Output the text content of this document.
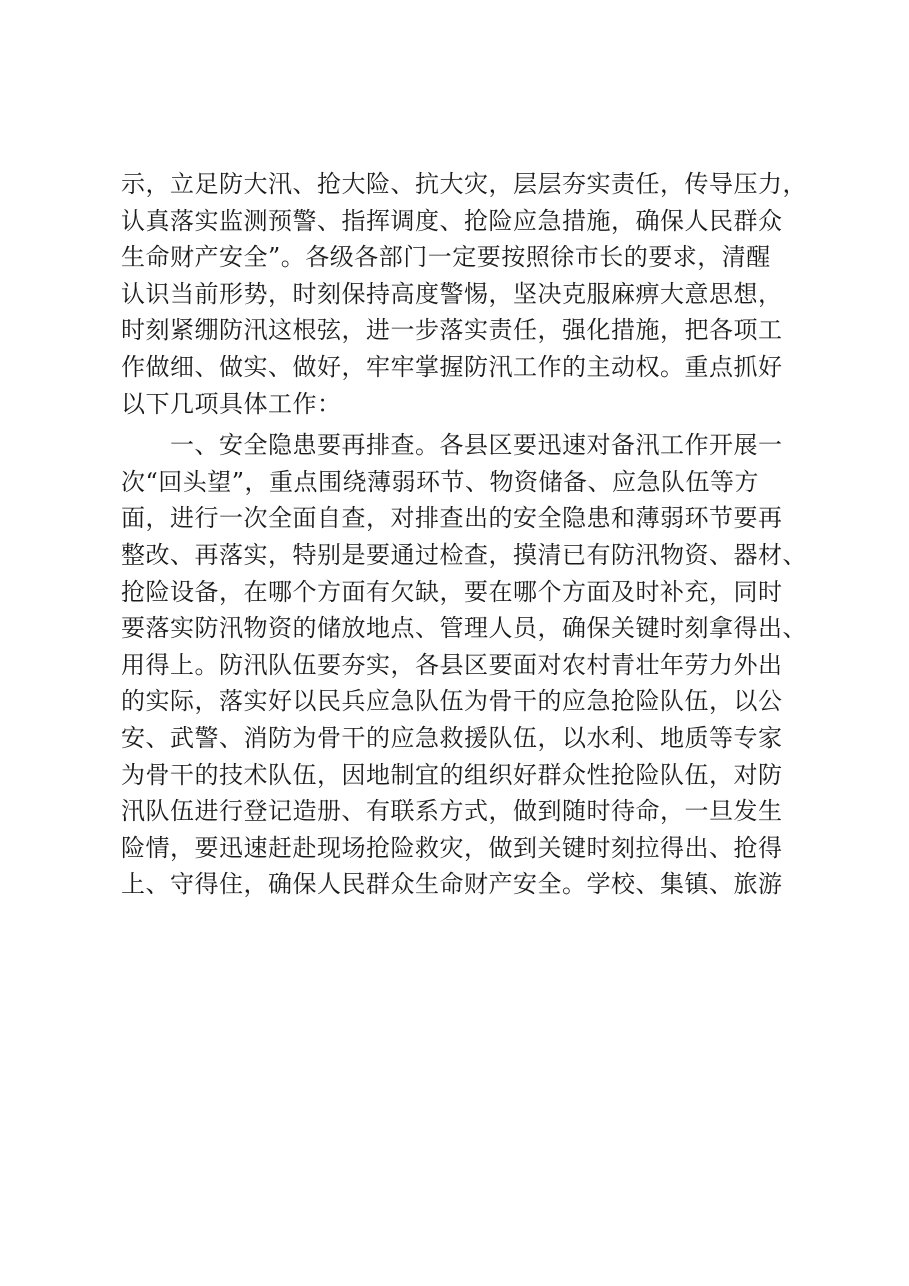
示，立足防大汛、抢大险、抗大灾，层层夯实责任，传导压力，
认真落实监测预警、指挥调度、抢险应急措施，确保人民群众
生命财产安全”。各级各部门一定要按照徐市长的要求，清醒
认识当前形势，时刻保持高度警惕，坚决克服麻痹大意思想，
时刻紧绷防汛这根弦，进一步落实责任，强化措施，把各项工
作做细、做实、做好，牢牢掌握防汛工作的主动权。重点抓好
以下几项具体工作：
　　一、安全隐患要再排查。各县区要迅速对备汛工作开展一
次“回头望”，重点围绕薄弱环节、物资储备、应急队伍等方
面，进行一次全面自查，对排查出的安全隐患和薄弱环节要再
整改、再落实，特别是要通过检查，摸清已有防汛物资、器材、
抢险设备，在哪个方面有欠缺，要在哪个方面及时补充，同时
要落实防汛物资的储放地点、管理人员，确保关键时刻拿得出、
用得上。防汛队伍要夯实，各县区要面对农村青壮年劳力外出
的实际，落实好以民兵应急队伍为骨干的应急抢险队伍，以公
安、武警、消防为骨干的应急救援队伍，以水利、地质等专家
为骨干的技术队伍，因地制宜的组织好群众性抢险队伍，对防
汛队伍进行登记造册、有联系方式，做到随时待命，一旦发生
险情，要迅速赶赴现场抢险救灾，做到关键时刻拉得出、抢得
上、守得住，确保人民群众生命财产安全。学校、集镇、旅游
